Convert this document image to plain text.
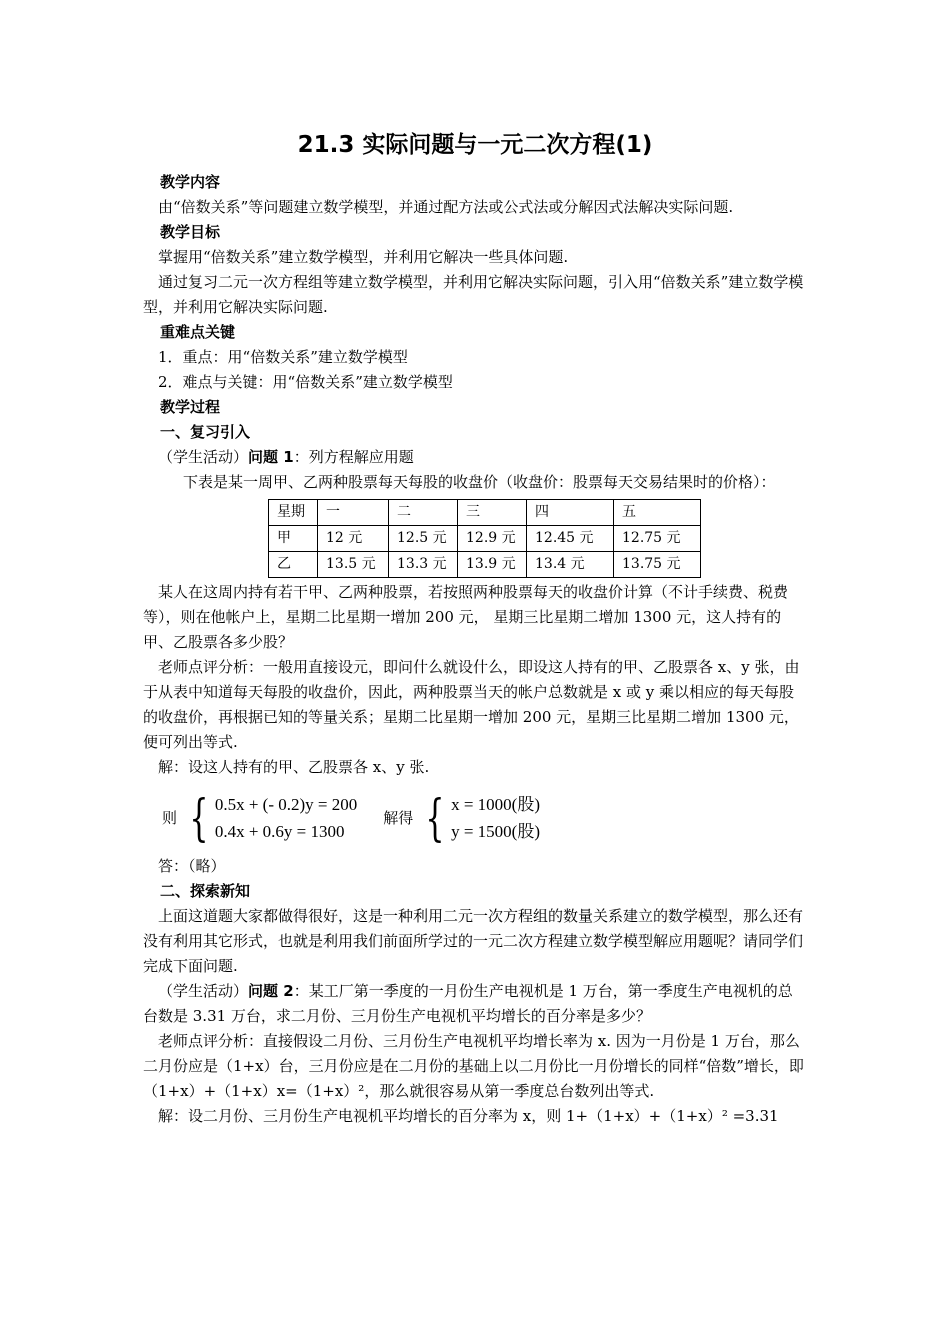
21.3 实际问题与一元二次方程(1)
教学内容

由“倍数关系”等问题建立数学模型，并通过配方法或公式法或分解因式法解决实际问题.

教学目标

掌握用“倍数关系”建立数学模型，并利用它解决一些具体问题.

通过复习二元一次方程组等建立数学模型，并利用它解决实际问题，引入用“倍数关系”建立数学模型，并利用它解决实际问题.

重难点关键

1．重点：用“倍数关系”建立数学模型

2．难点与关键：用“倍数关系”建立数学模型

教学过程
一、复习引入

（学生活动）问题 1：列方程解应用题

下表是某一周甲、乙两种股票每天每股的收盘价（收盘价：股票每天交易结果时的价格）：

星期	一	二	三	四	五
甲	12 元	12.5 元	12.9 元	12.45 元	12.75 元
乙	13.5 元	13.3 元	13.9 元	13.4 元	13.75 元

某人在这周内持有若干甲、乙两种股票，若按照两种股票每天的收盘价计算（不计手续费、税费等），则在他帐户上，星期二比星期一增加 200 元， 星期三比星期二增加 1300 元，这人持有的甲、乙股票各多少股？

老师点评分析：一般用直接设元，即问什么就设什么，即设这人持有的甲、乙股票各 x、y 张，由于从表中知道每天每股的收盘价，因此，两种股票当天的帐户总数就是 x 或 y 乘以相应的每天每股的收盘价，再根据已知的等量关系；星期二比星期一增加 200 元，星期三比星期二增加 1300 元，便可列出等式.

解：设这人持有的甲、乙股票各 x、y 张.

则 { 0.5x + (- 0.2)y = 200
0.4x + 0.6y = 1300
解得 { x = 1000(股)
y = 1500(股)

答：（略）

二、探索新知

上面这道题大家都做得很好，这是一种利用二元一次方程组的数量关系建立的数学模型，那么还有没有利用其它形式，也就是利用我们前面所学过的一元二次方程建立数学模型解应用题呢？请同学们完成下面问题.

（学生活动）问题 2：某工厂第一季度的一月份生产电视机是 1 万台，第一季度生产电视机的总台数是 3.31 万台，求二月份、三月份生产电视机平均增长的百分率是多少？

老师点评分析：直接假设二月份、三月份生产电视机平均增长率为 x. 因为一月份是 1 万台，那么二月份应是（1+x）台，三月份应是在二月份的基础上以二月份比一月份增长的同样“倍数”增长，即（1+x）+（1+x）x=（1+x）²，那么就很容易从第一季度总台数列出等式.

解：设二月份、三月份生产电视机平均增长的百分率为 x，则 1+（1+x）+（1+x）² =3.31
